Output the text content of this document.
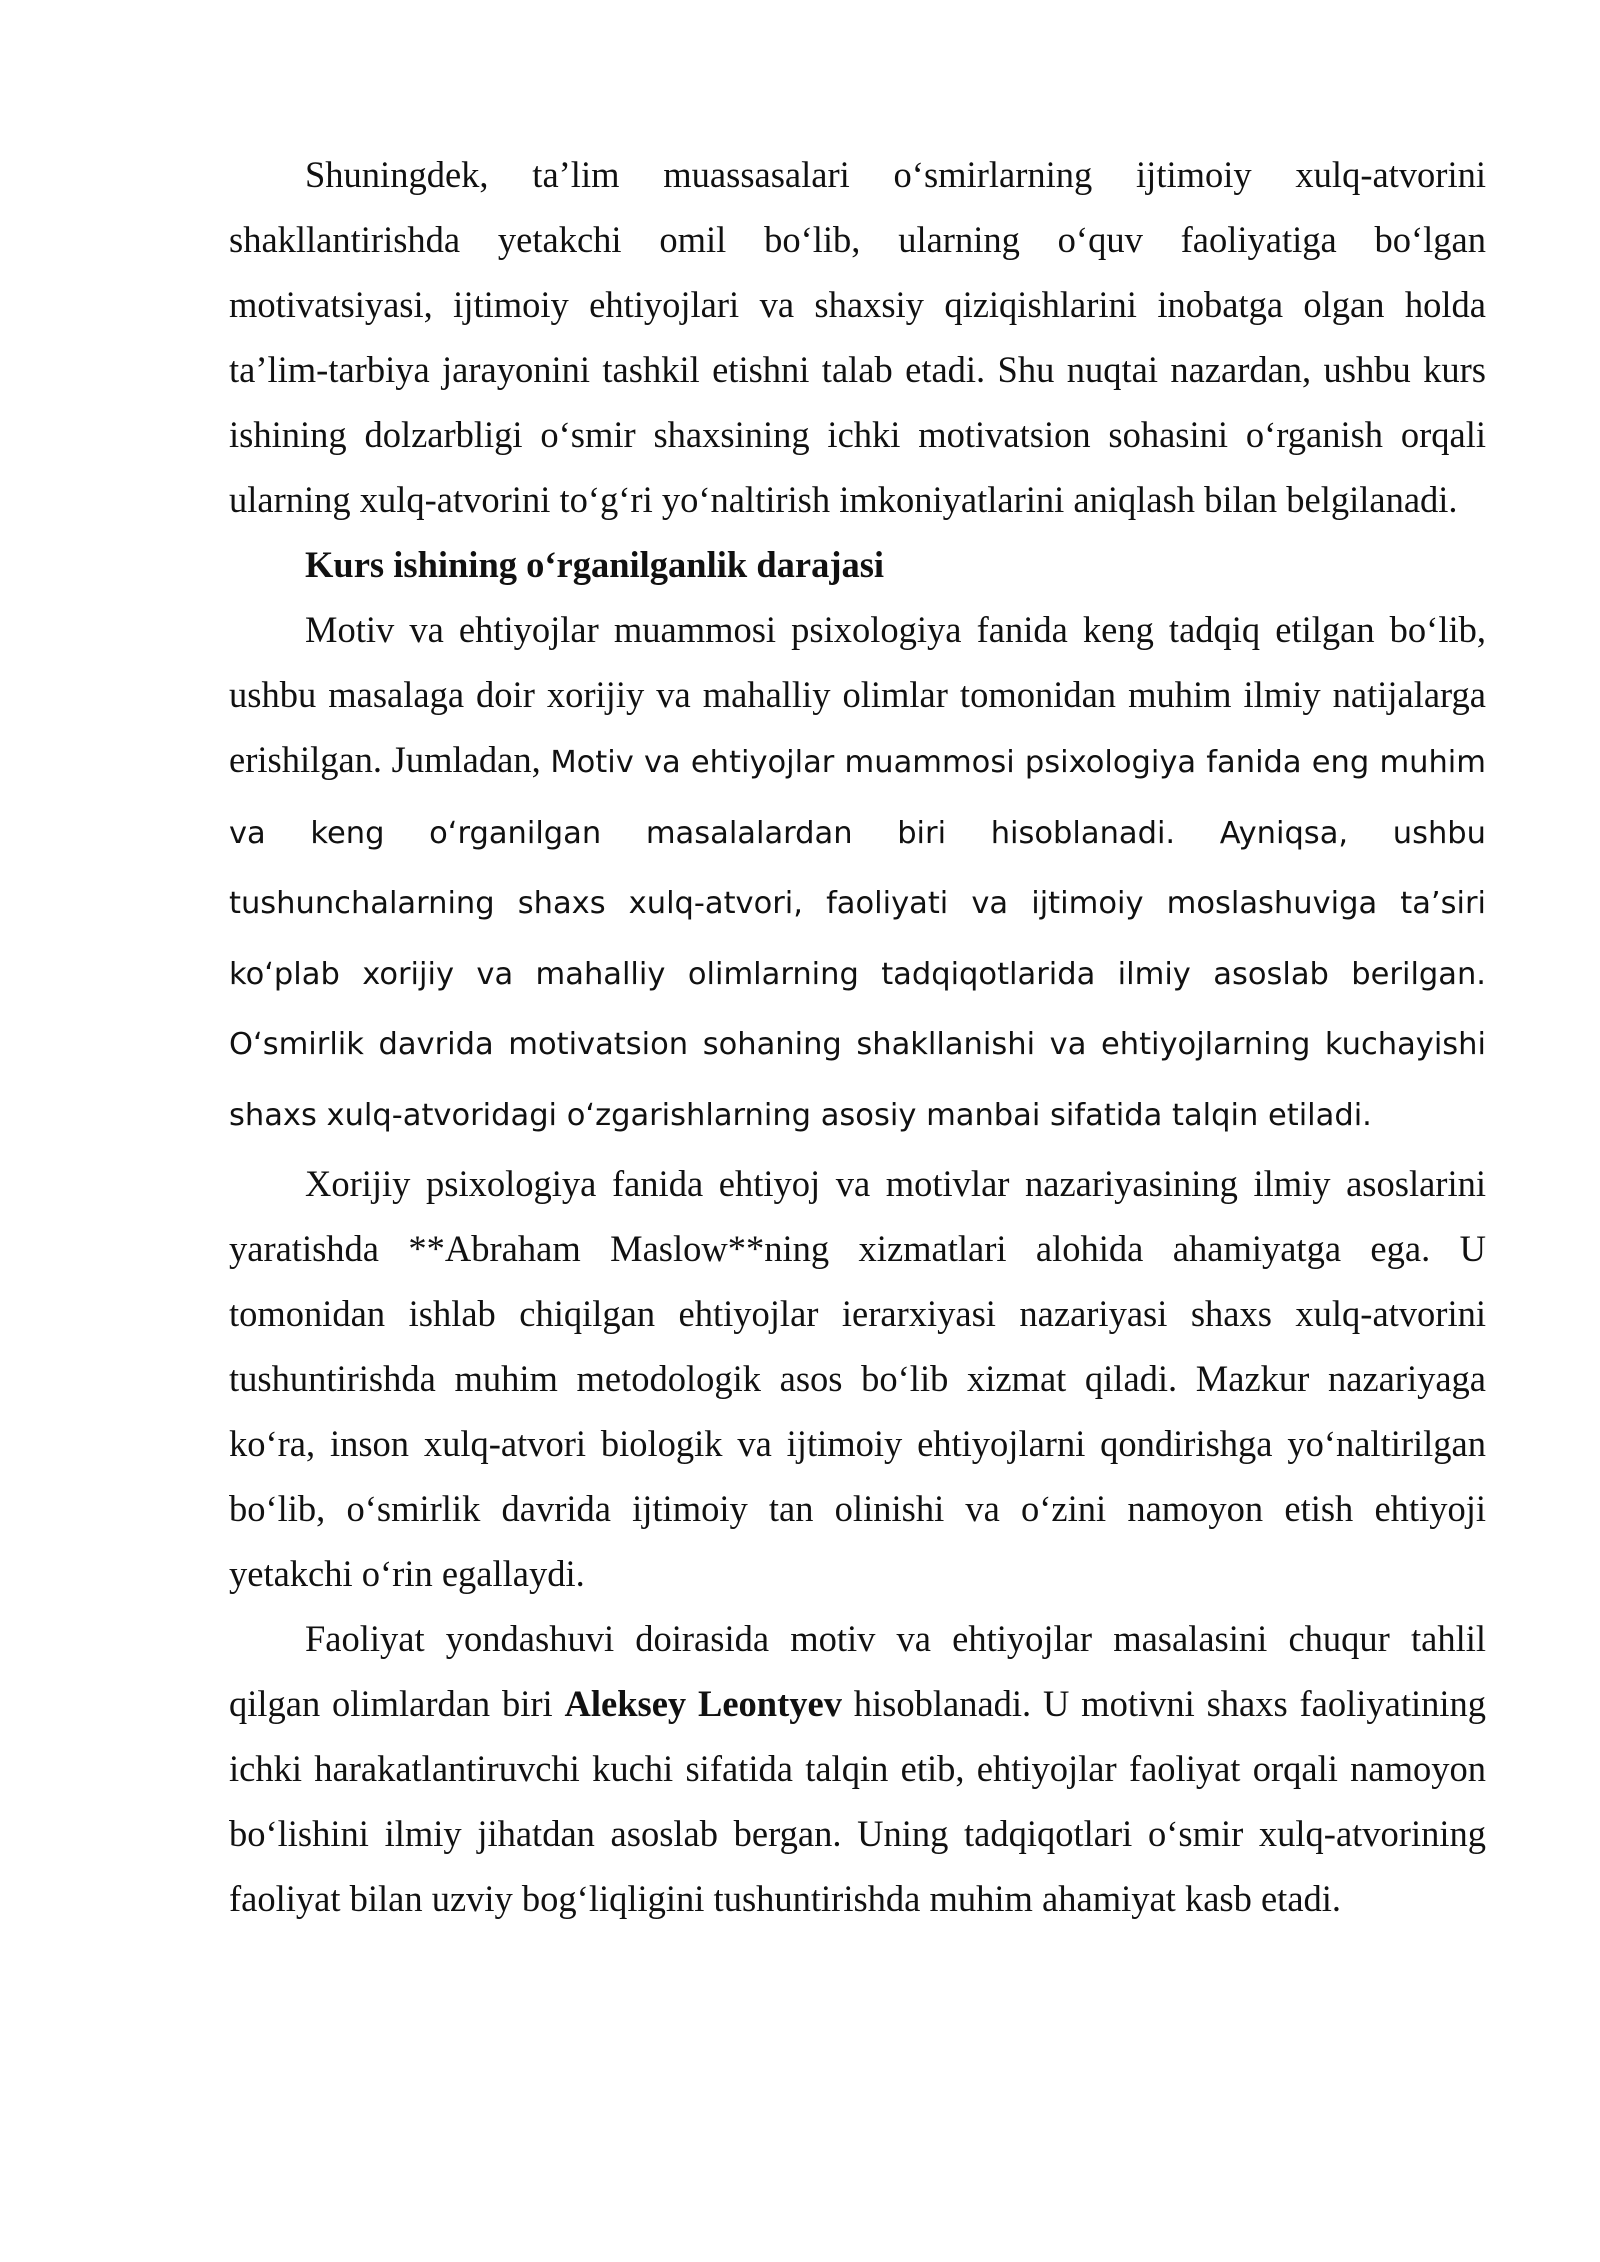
Shuningdek, ta’lim muassasalari o‘smirlarning ijtimoiy xulq-atvorini shakllantirishda yetakchi omil bo‘lib, ularning o‘quv faoliyatiga bo‘lgan motivatsiyasi, ijtimoiy ehtiyojlari va shaxsiy qiziqishlarini inobatga olgan holda ta’lim-tarbiya jarayonini tashkil etishni talab etadi. Shu nuqtai nazardan, ushbu kurs ishining dolzarbligi o‘smir shaxsining ichki motivatsion sohasini o‘rganish orqali ularning xulq-atvorini to‘g‘ri yo‘naltirish imkoniyatlarini aniqlash bilan belgilanadi.

Kurs ishining o‘rganilganlik darajasi

Motiv va ehtiyojlar muammosi psixologiya fanida keng tadqiq etilgan bo‘lib, ushbu masalaga doir xorijiy va mahalliy olimlar tomonidan muhim ilmiy natijalarga erishilgan. Jumladan, Motiv va ehtiyojlar muammosi psixologiya fanida eng muhim va keng oʻrganilgan masalalardan biri hisoblanadi. Ayniqsa, ushbu tushunchalarning shaxs xulq-atvori, faoliyati va ijtimoiy moslashuviga taʼsiri koʻplab xorijiy va mahalliy olimlarning tadqiqotlarida ilmiy asoslab berilgan. Oʻsmirlik davrida motivatsion sohaning shakllanishi va ehtiyojlarning kuchayishi shaxs xulq-atvoridagi oʻzgarishlarning asosiy manbai sifatida talqin etiladi.

Xorijiy psixologiya fanida ehtiyoj va motivlar nazariyasining ilmiy asoslarini yaratishda **Abraham Maslow**ning xizmatlari alohida ahamiyatga ega. U tomonidan ishlab chiqilgan ehtiyojlar ierarxiyasi nazariyasi shaxs xulq-atvorini tushuntirishda muhim metodologik asos bo‘lib xizmat qiladi. Mazkur nazariyaga ko‘ra, inson xulq-atvori biologik va ijtimoiy ehtiyojlarni qondirishga yo‘naltirilgan bo‘lib, o‘smirlik davrida ijtimoiy tan olinishi va o‘zini namoyon etish ehtiyoji yetakchi o‘rin egallaydi.

Faoliyat yondashuvi doirasida motiv va ehtiyojlar masalasini chuqur tahlil qilgan olimlardan biri Aleksey Leontyev hisoblanadi. U motivni shaxs faoliyatining ichki harakatlantiruvchi kuchi sifatida talqin etib, ehtiyojlar faoliyat orqali namoyon bo‘lishini ilmiy jihatdan asoslab bergan. Uning tadqiqotlari o‘smir xulq-atvorining faoliyat bilan uzviy bog‘liqligini tushuntirishda muhim ahamiyat kasb etadi.
